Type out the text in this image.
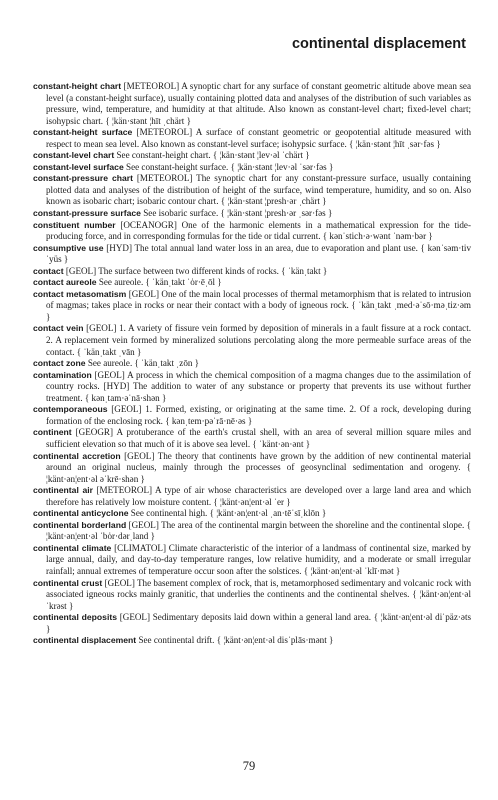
continental displacement

constant-height chart [METEOROL] A synoptic chart for any surface of constant geometric altitude above mean sea level (a constant-height surface), usually containing plotted data and analyses of the distribution of such variables as pressure, wind, temperature, and humidity at that altitude. Also known as constant-level chart; fixed-level chart; isohypsic chart. { ¦kän·stənt ¦hīt ˌchärt }

constant-height surface [METEOROL] A surface of constant geometric or geopotential altitude measured with respect to mean sea level. Also known as constant-level surface; isohypsic surface. { ¦kän·stənt ¦hīt ˌsər·fəs }

constant-level chart See constant-height chart. { ¦kän·stənt ¦lev·əl ˈchärt }

constant-level surface See constant-height surface. { ¦kän·stənt ¦lev·əl ˈsər·fəs }

constant-pressure chart [METEOROL] The synoptic chart for any constant-pressure surface, usually containing plotted data and analyses of the distribution of height of the surface, wind temperature, humidity, and so on. Also known as isobaric chart; isobaric contour chart. { ¦kän·stənt ¦presh·ər ˌchärt }

constant-pressure surface See isobaric surface. { ¦kän·stənt ¦presh·ər ˌsər·fəs }

constituent number [OCEANOGR] One of the harmonic elements in a mathematical expression for the tide-producing force, and in corresponding formulas for the tide or tidal current. { kənˈstich·ə·wənt ˈnəm·bər }

consumptive use [HYD] The total annual land water loss in an area, due to evaporation and plant use. { kənˈsəm·tiv ˈyüs }

contact [GEOL] The surface between two different kinds of rocks. { ˈkänˌtakt }

contact aureole See aureole. { ˈkänˌtakt ˈȯr·ēˌōl }

contact metasomatism [GEOL] One of the main local processes of thermal metamorphism that is related to intrusion of magmas; takes place in rocks or near their contact with a body of igneous rock. { ˈkänˌtakt ˌmed·əˈsō·məˌtiz·əm }

contact vein [GEOL] 1. A variety of fissure vein formed by deposition of minerals in a fault fissure at a rock contact. 2. A replacement vein formed by mineralized solutions percolating along the more permeable surface areas of the contact. { ˈkänˌtakt ˌvān }

contact zone See aureole. { ˈkänˌtakt ˌzōn }

contamination [GEOL] A process in which the chemical composition of a magma changes due to the assimilation of country rocks. [HYD] The addition to water of any substance or property that prevents its use without further treatment. { kənˌtam·əˈnā·shən }

contemporaneous [GEOL] 1. Formed, existing, or originating at the same time. 2. Of a rock, developing during formation of the enclosing rock. { kənˌtem·pəˈrā·nē·əs }

continent [GEOGR] A protuberance of the earth's crustal shell, with an area of several million square miles and sufficient elevation so that much of it is above sea level. { ˈkänt·ən·ənt }

continental accretion [GEOL] The theory that continents have grown by the addition of new continental material around an original nucleus, mainly through the processes of geosynclinal sedimentation and orogeny. { ¦känt·ən¦ent·əl əˈkrē·shən }

continental air [METEOROL] A type of air whose characteristics are developed over a large land area and which therefore has relatively low moisture content. { ¦känt·ən¦ent·əl ˈer }

continental anticyclone See continental high. { ¦känt·ən¦ent·əl ˌan·tēˈsīˌklōn }

continental borderland [GEOL] The area of the continental margin between the shoreline and the continental slope. { ¦känt·ən¦ent·əl ˈbȯr·dərˌland }

continental climate [CLIMATOL] Climate characteristic of the interior of a landmass of continental size, marked by large annual, daily, and day-to-day temperature ranges, low relative humidity, and a moderate or small irregular rainfall; annual extremes of temperature occur soon after the solstices. { ¦känt·ən¦ent·əl ˈklī·mət }

continental crust [GEOL] The basement complex of rock, that is, metamorphosed sedimentary and volcanic rock with associated igneous rocks mainly granitic, that underlies the continents and the continental shelves. { ¦känt·ən¦ent·əl ˈkrəst }

continental deposits [GEOL] Sedimentary deposits laid down within a general land area. { ¦känt·ən¦ent·əl diˈpäz·əts }

continental displacement See continental drift. { ¦känt·ən¦ent·əl disˈplās·mənt }

79
